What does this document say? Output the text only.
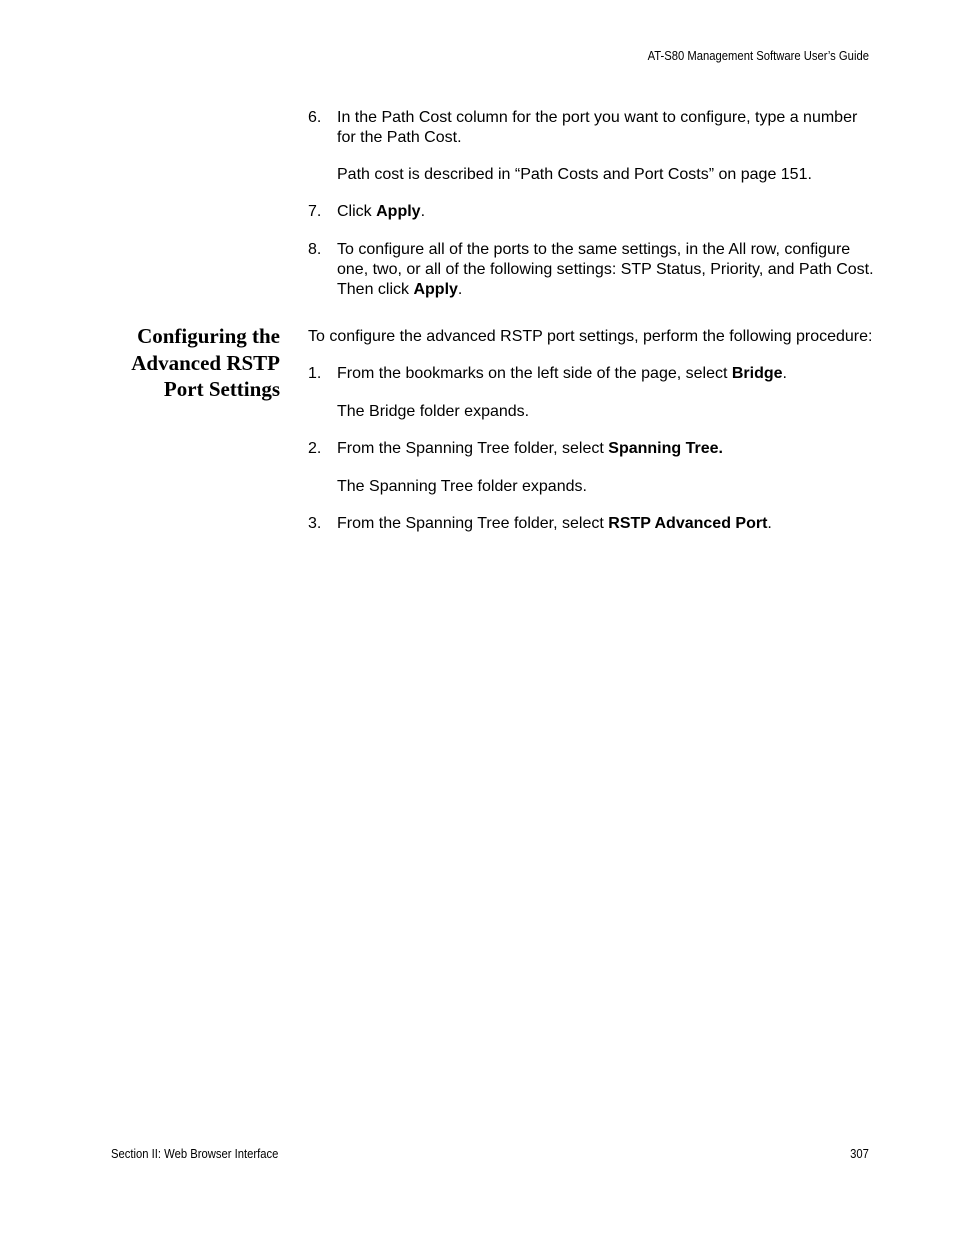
AT-S80 Management Software User’s Guide
6. In the Path Cost column for the port you want to configure, type a number for the Path Cost.
Path cost is described in “Path Costs and Port Costs” on page 151.
7. Click Apply.
8. To configure all of the ports to the same settings, in the All row, configure one, two, or all of the following settings: STP Status, Priority, and Path Cost. Then click Apply.
Configuring the
Advanced RSTP
Port Settings
To configure the advanced RSTP port settings, perform the following procedure:
1. From the bookmarks on the left side of the page, select Bridge.
The Bridge folder expands.
2. From the Spanning Tree folder, select Spanning Tree.
The Spanning Tree folder expands.
3. From the Spanning Tree folder, select RSTP Advanced Port.
Section II: Web Browser Interface	307
